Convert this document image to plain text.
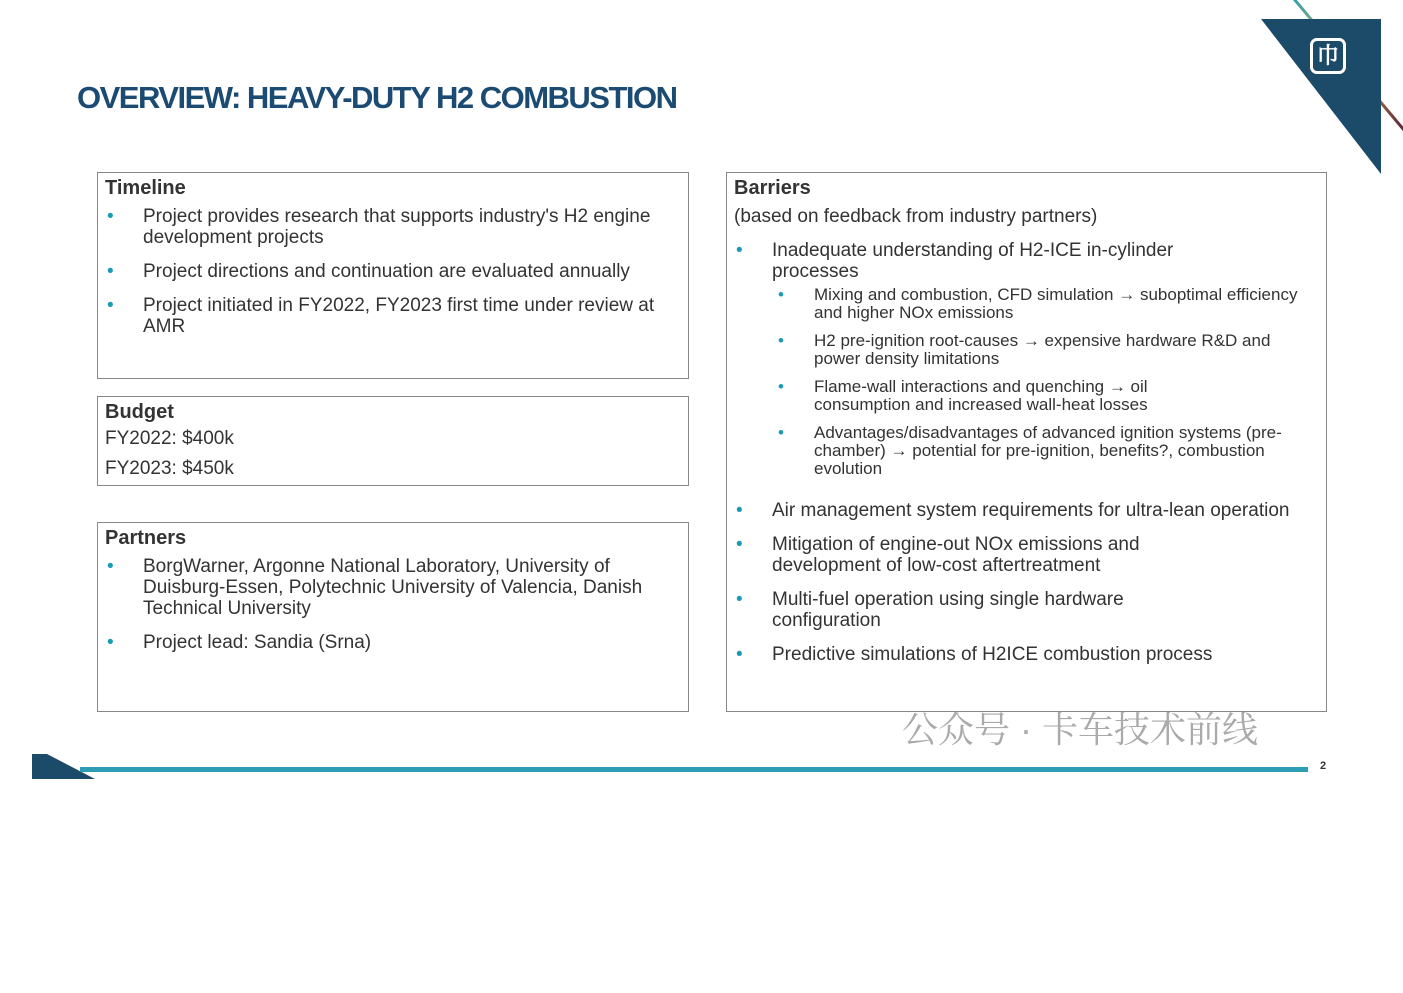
⼱
OVERVIEW: HEAVY-DUTY H2 COMBUSTION
Timeline
• Project provides research that supports industry's H2 engine development projects
• Project directions and continuation are evaluated annually
• Project initiated in FY2022, FY2023 first time under review at AMR
Budget
FY2022: $400k
FY2023: $450k
Partners
• BorgWarner, Argonne National Laboratory, University of Duisburg-Essen, Polytechnic University of Valencia, Danish Technical University
• Project lead: Sandia (Srna)
Barriers
(based on feedback from industry partners)
• Inadequate understanding of H2-ICE in-cylinder processes
• Mixing and combustion, CFD simulation → suboptimal efficiency and higher NOx emissions
• H2 pre-ignition root-causes → expensive hardware R&D and power density limitations
• Flame-wall interactions and quenching → oil consumption and increased wall-heat losses
• Advantages/disadvantages of advanced ignition systems (pre-chamber) → potential for pre-ignition, benefits?, combustion evolution
• Air management system requirements for ultra-lean operation
• Mitigation of engine-out NOx emissions and development of low-cost aftertreatment
• Multi-fuel operation using single hardware configuration
• Predictive simulations of H2ICE combustion process
公众号 · 卡车技术前线
2
